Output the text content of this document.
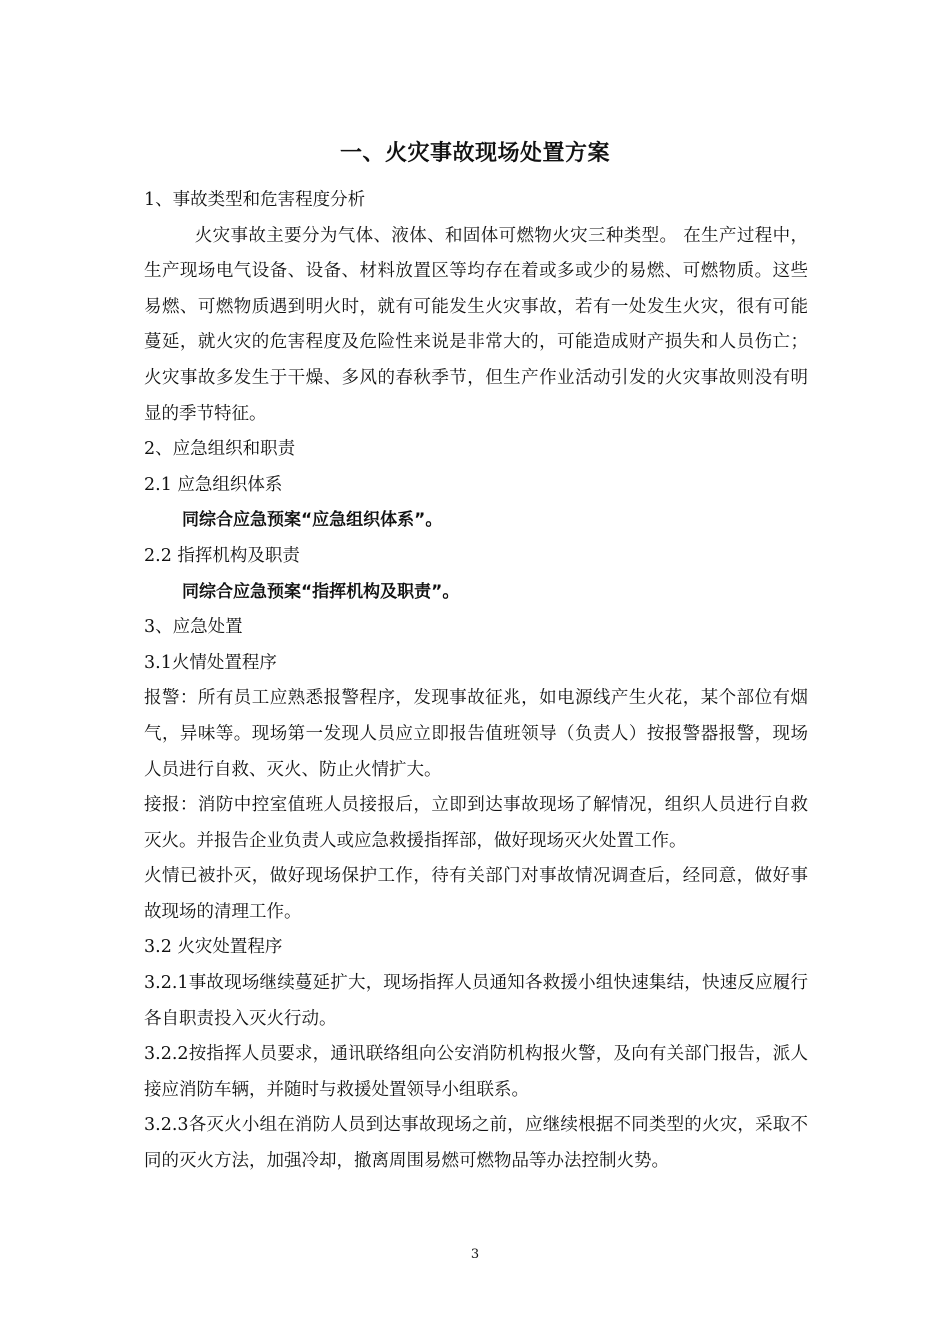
一、火灾事故现场处置方案

1、事故类型和危害程度分析

火灾事故主要分为气体、液体、和固体可燃物火灾三种类型。 在生产过程中，生产现场电气设备、设备、材料放置区等均存在着或多或少的易燃、可燃物质。这些易燃、可燃物质遇到明火时，就有可能发生火灾事故，若有一处发生火灾，很有可能蔓延，就火灾的危害程度及危险性来说是非常大的，可能造成财产损失和人员伤亡；火灾事故多发生于干燥、多风的春秋季节，但生产作业活动引发的火灾事故则没有明显的季节特征。

2、应急组织和职责

2.1 应急组织体系

同综合应急预案“应急组织体系”。

2.2 指挥机构及职责

同综合应急预案“指挥机构及职责”。

3、应急处置

3.1火情处置程序

报警：所有员工应熟悉报警程序，发现事故征兆，如电源线产生火花，某个部位有烟气，异味等。现场第一发现人员应立即报告值班领导（负责人）按报警器报警，现场人员进行自救、灭火、防止火情扩大。

接报：消防中控室值班人员接报后，立即到达事故现场了解情况，组织人员进行自救灭火。并报告企业负责人或应急救援指挥部，做好现场灭火处置工作。

火情已被扑灭，做好现场保护工作，待有关部门对事故情况调查后，经同意，做好事故现场的清理工作。

3.2 火灾处置程序

3.2.1事故现场继续蔓延扩大，现场指挥人员通知各救援小组快速集结，快速反应履行各自职责投入灭火行动。

3.2.2按指挥人员要求，通讯联络组向公安消防机构报火警，及向有关部门报告，派人接应消防车辆，并随时与救援处置领导小组联系。

3.2.3各灭火小组在消防人员到达事故现场之前，应继续根据不同类型的火灾，采取不同的灭火方法，加强冷却，撤离周围易燃可燃物品等办法控制火势。

3
